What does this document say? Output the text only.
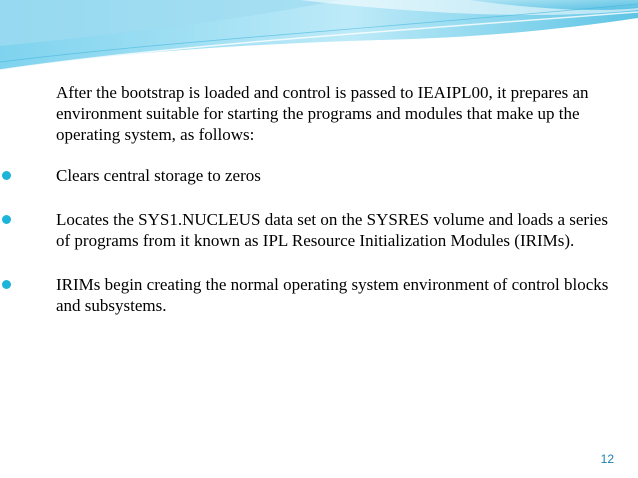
After the bootstrap is loaded and control is passed to IEAIPL00, it prepares an environment suitable for starting the programs and modules that make up the operating system, as follows:

Clears central storage to zeros
Locates the SYS1.NUCLEUS data set on the SYSRES volume and loads a series of programs from it known as IPL Resource Initialization Modules (IRIMs).
IRIMs begin creating the normal operating system environment of control blocks and subsystems.
12
